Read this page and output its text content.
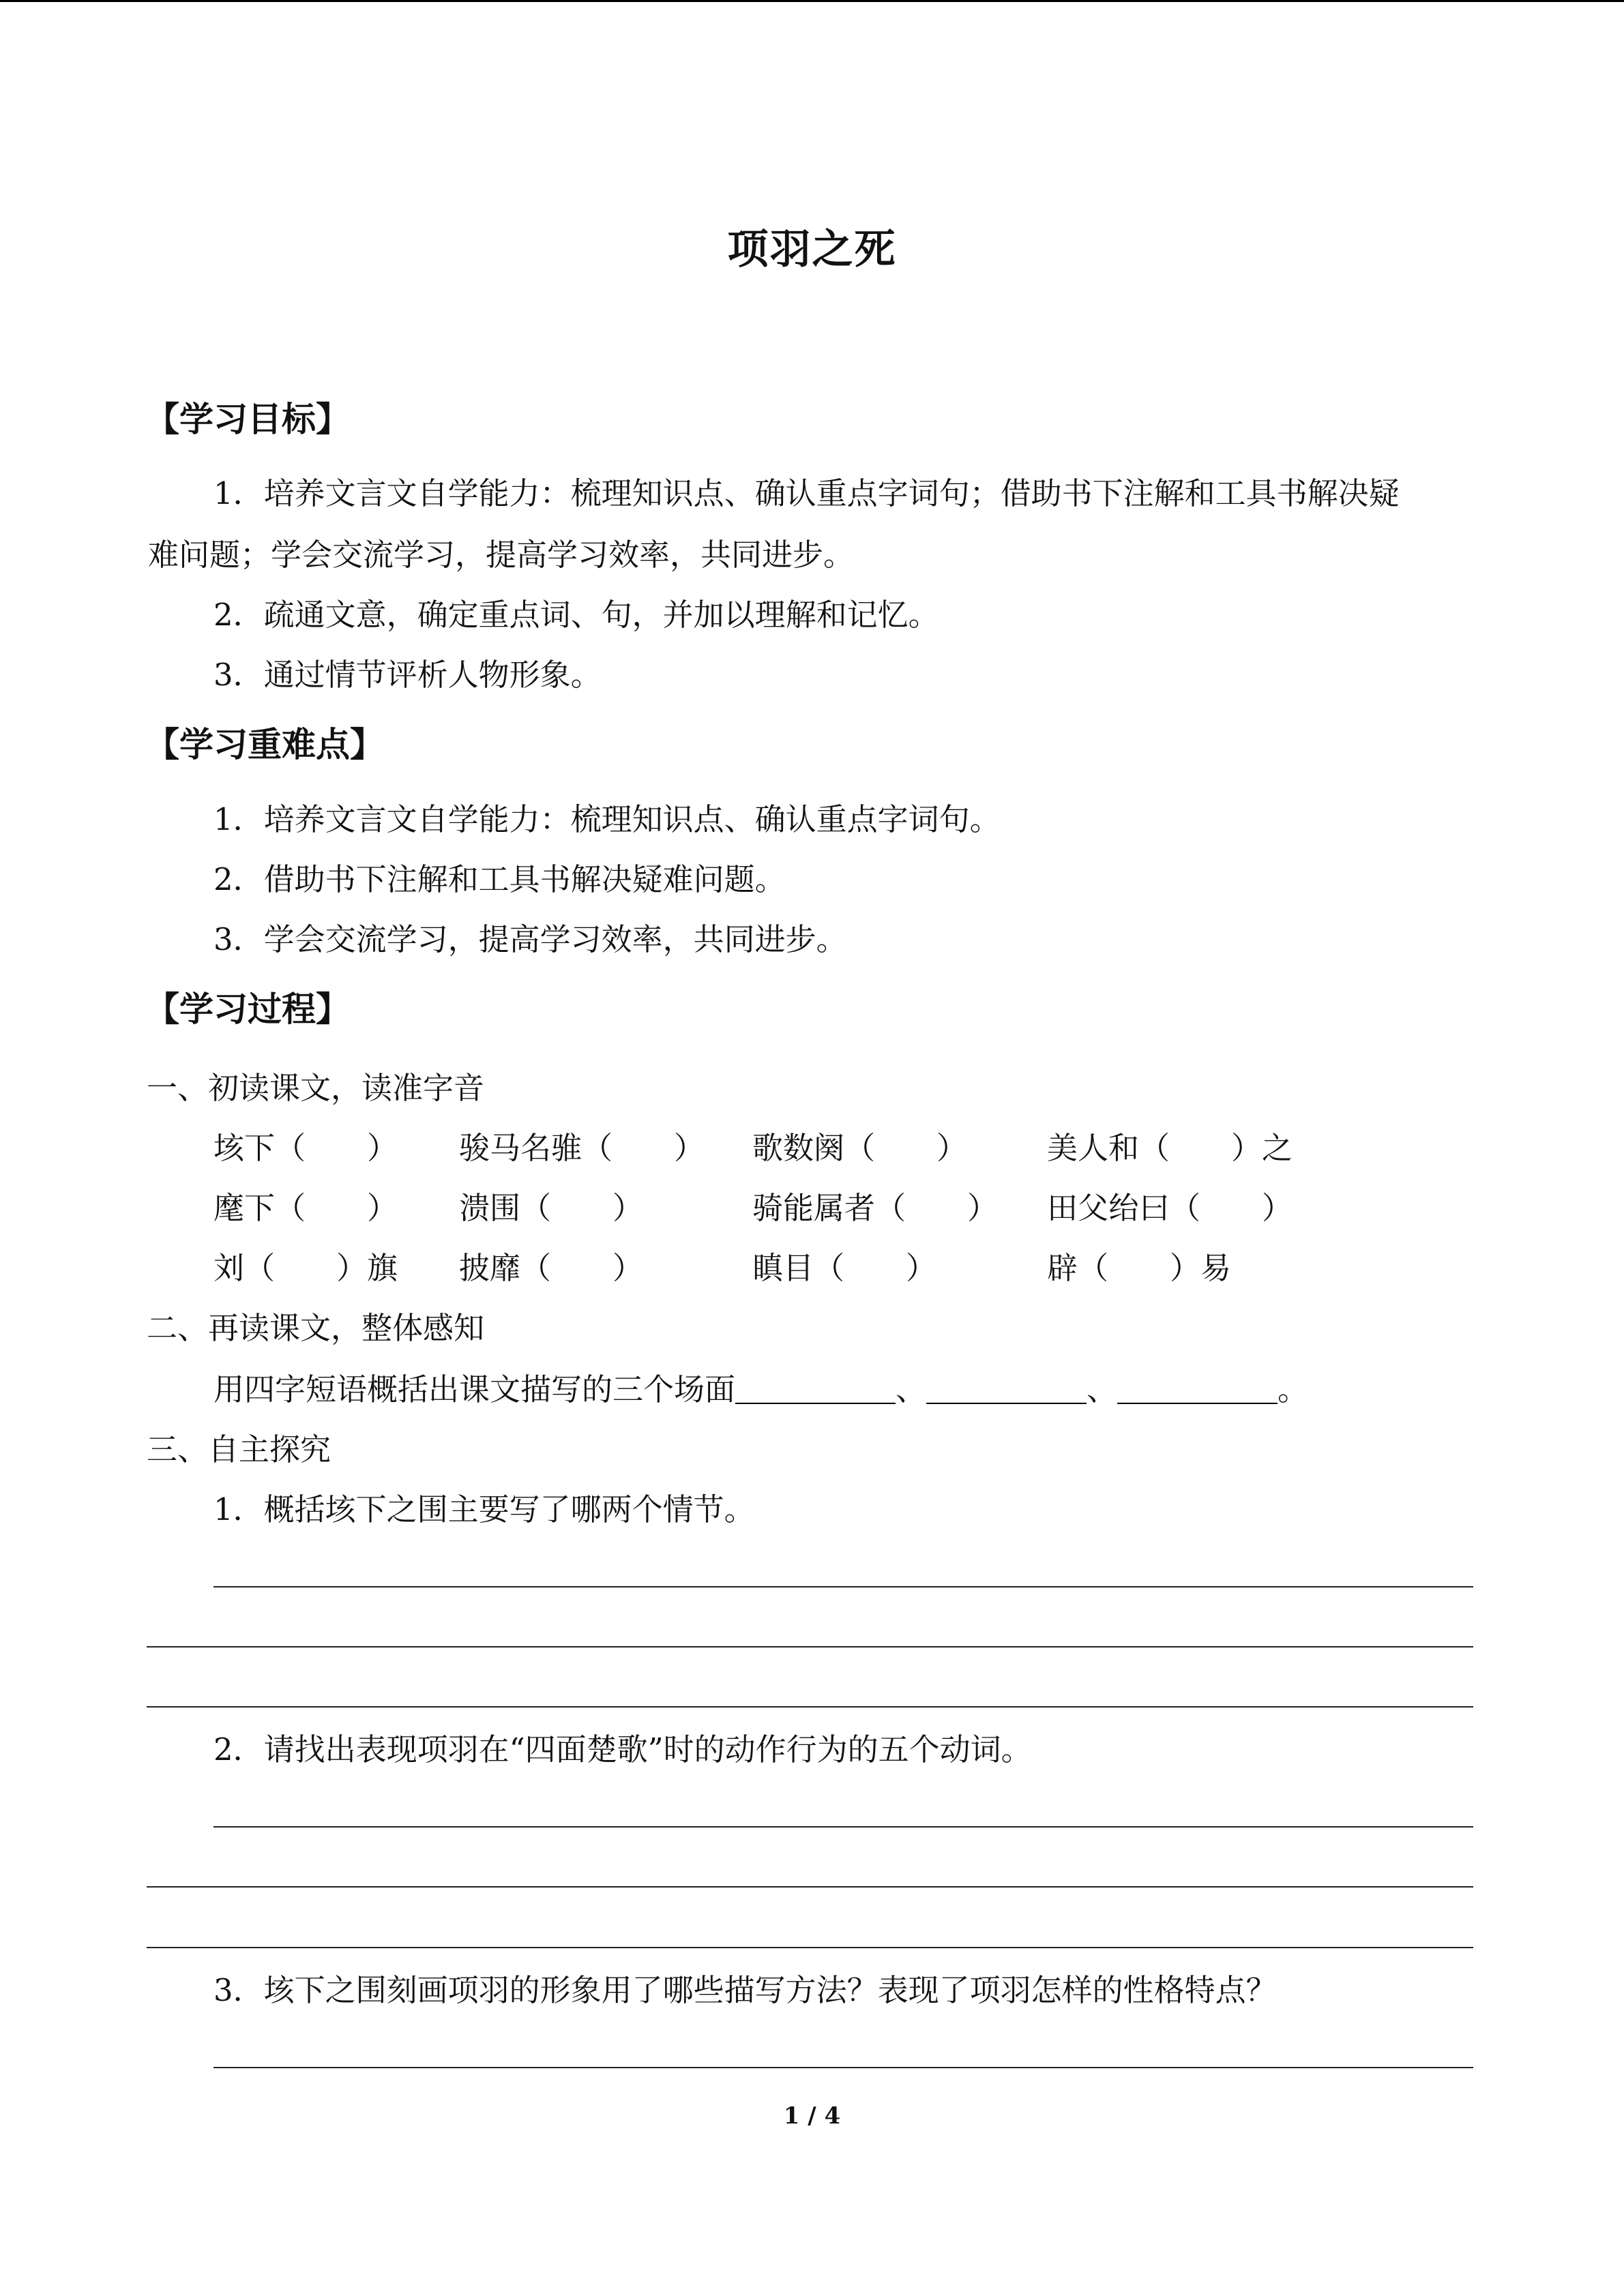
项羽之死
【学习目标】
1．培养文言文自学能力：梳理知识点、确认重点字词句；借助书下注解和工具书解决疑
难问题；学会交流学习，提高学习效率，共同进步。
2．疏通文意，确定重点词、句，并加以理解和记忆。
3．通过情节评析人物形象。
【学习重难点】
1．培养文言文自学能力：梳理知识点、确认重点字词句。
2．借助书下注解和工具书解决疑难问题。
3．学会交流学习，提高学习效率，共同进步。
【学习过程】
一、初读课文，读准字音
垓下（　　） 骏马名骓（　　） 歌数阕（　　）	美人和（　　）之
麾下（　　） 溃围（　　）	骑能属者（　　） 田父绐曰（　　）
刘（　　）旗 披靡（　　）	瞋目（　　）	辟（　　）易
二、再读课文，整体感知
用四字短语概括出课文描写的三个场面	、	、	。
三、自主探究
1．概括垓下之围主要写了哪两个情节。
2．请找出表现项羽在“四面楚歌”时的动作行为的五个动词。
3．垓下之围刻画项羽的形象用了哪些描写方法？表现了项羽怎样的性格特点？
1 / 4
